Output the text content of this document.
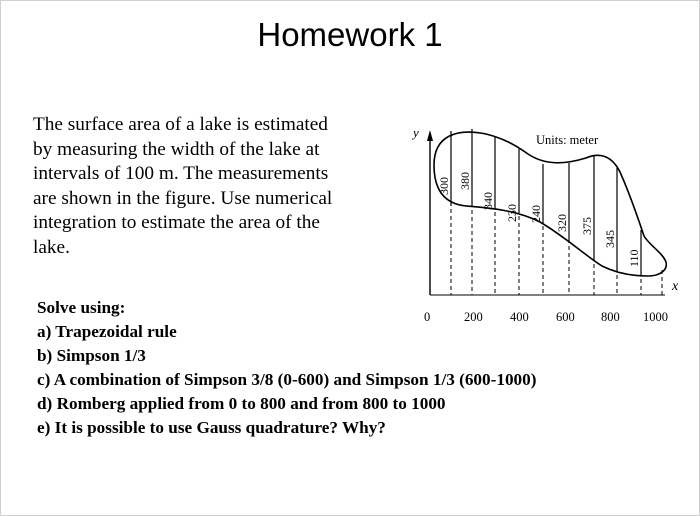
Homework 1
The surface area of a lake is estimated
by measuring the width of the lake at
intervals of 100 m. The measurements
are shown in the figure. Use numerical
integration to estimate the area of the
lake.
y
x
300 380
340
230 240 320 375
345
110
Units: meter
0	200 400 600 800 1000
Solve using:
a) Trapezoidal rule
b) Simpson 1/3
c) A combination of Simpson 3/8 (0-600) and Simpson 1/3 (600-1000)
d) Romberg applied from 0 to 800 and from 800 to 1000
e) It is possible to use Gauss quadrature? Why?
